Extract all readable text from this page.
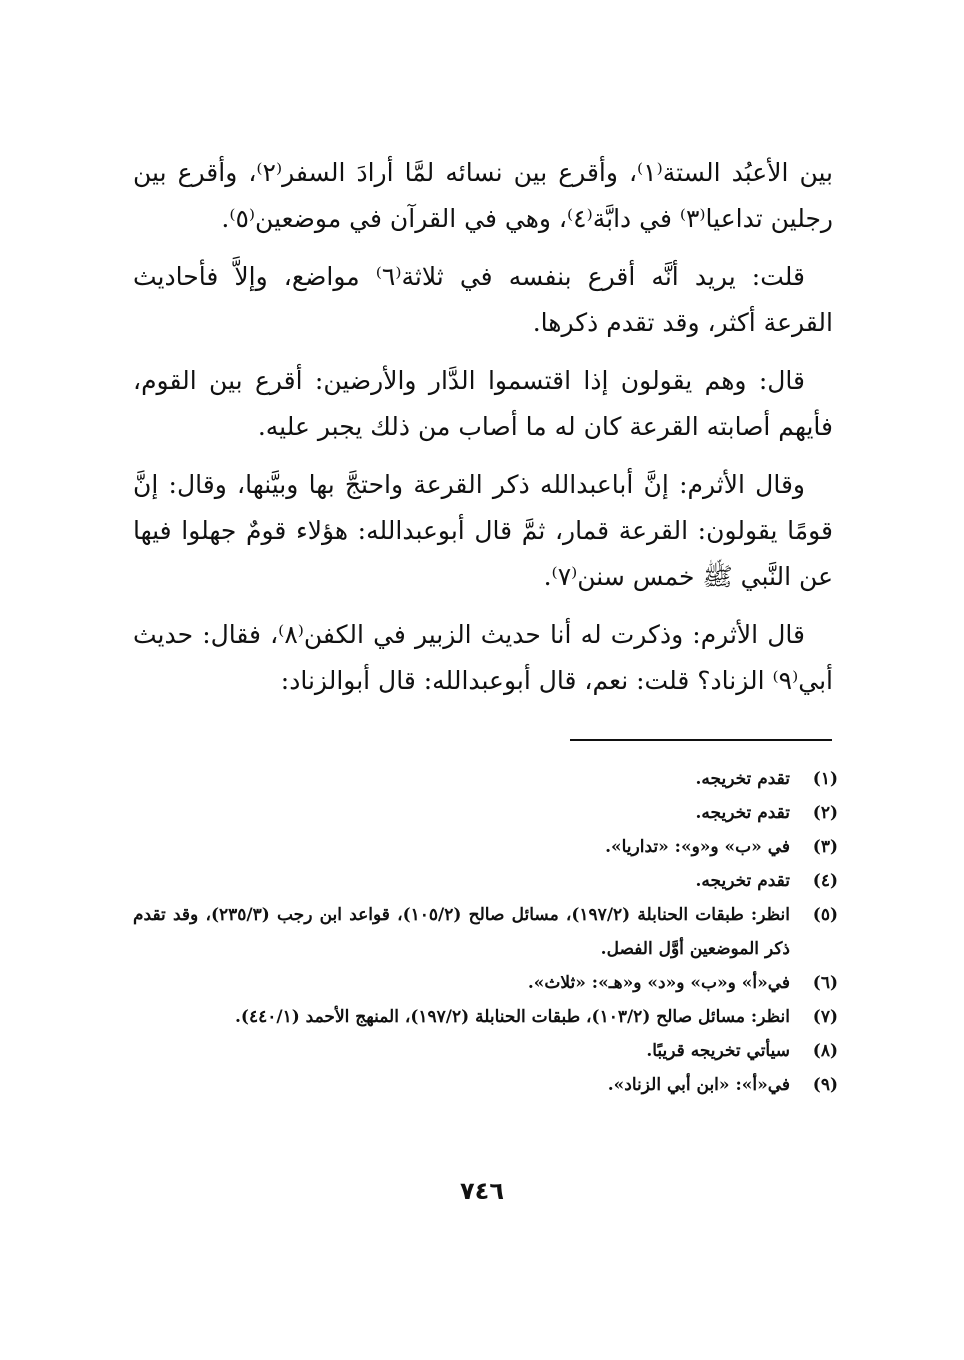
بين الأعبُد الستة⁽١⁾، وأقرع بين نسائه لمَّا أرادَ السفر⁽٢⁾، وأقرع بين رجلين تداعيا⁽٣⁾ في دابَّة⁽٤⁾، وهي في القرآن في موضعين⁽٥⁾.

قلت: يريد أنَّه أقرع بنفسه في ثلاثة⁽٦⁾ مواضع، وإلاَّ فأحاديث القرعة أكثر، وقد تقدم ذكرها.

قال: وهم يقولون إذا اقتسموا الدَّار والأرضين: أقرع بين القوم، فأيهم أصابته القرعة كان له ما أصاب من ذلك يجبر عليه.

وقال الأثرم: إنَّ أباعبدالله ذكر القرعة واحتجَّ بها وبيَّنها، وقال: إنَّ قومًا يقولون: القرعة قمار، ثمَّ قال أبوعبدالله: هؤلاء قومٌ جهلوا فيها عن النَّبي ﷺ خمس سنن⁽٧⁾.

قال الأثرم: وذكرت له أنا حديث الزبير في الكفن⁽٨⁾، فقال: حديث أبي⁽٩⁾ الزناد؟ قلت: نعم، قال أبوعبدالله: قال أبوالزناد:

(١)
تقدم تخريجه.
(٢)
تقدم تخريجه.
(٣)
في «ب» و«و»: «تداريا».
(٤)
تقدم تخريجه.
(٥)
انظر: طبقات الحنابلة (١٩٧/٢)، مسائل صالح (١٠٥/٢)، قواعد ابن رجب (٢٣٥/٣)، وقد تقدم ذكر الموضعين أوَّل الفصل.
(٦)
في«أ» و«ب» و«د» و«هـ»: «ثلاث».
(٧)
انظر: مسائل صالح (١٠٣/٢)، طبقات الحنابلة (١٩٧/٢)، المنهج الأحمد (٤٤٠/١).
(٨)
سيأتي تخريجه قريبًا.
(٩)
في«أ»: «ابن أبي الزناد».
٧٤٦
